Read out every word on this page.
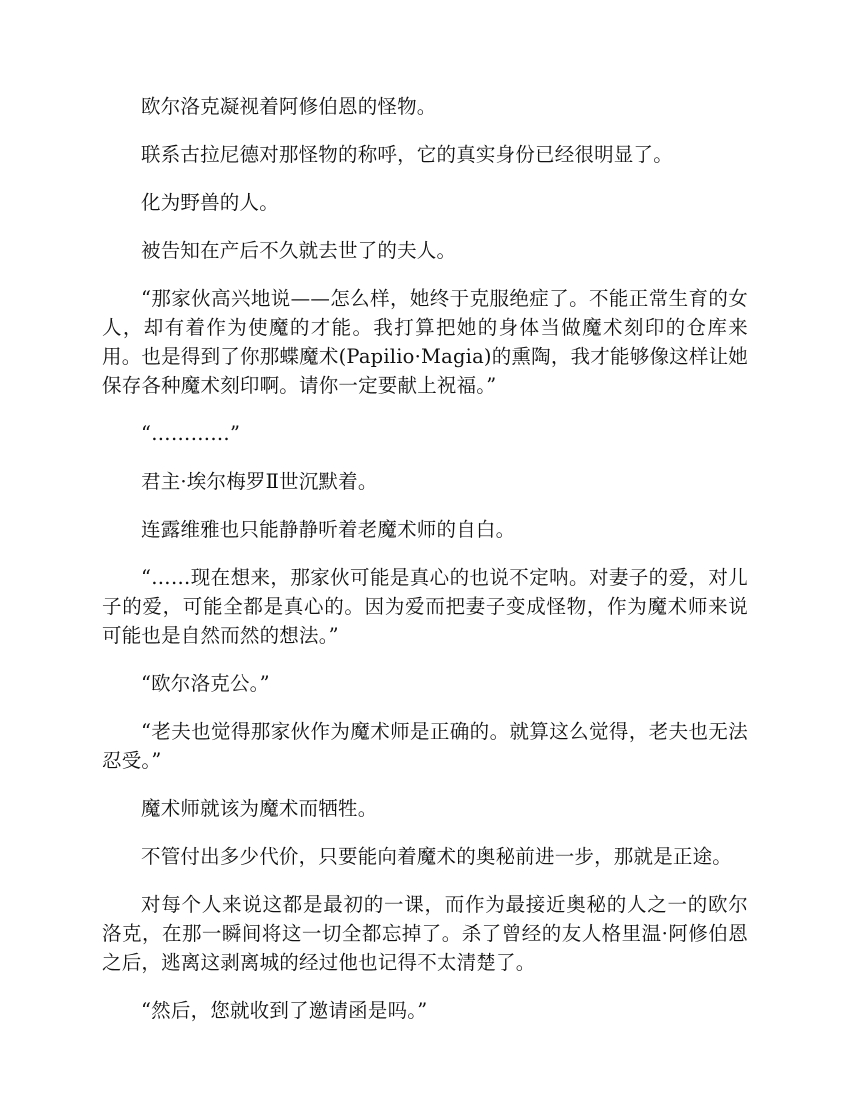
欧尔洛克凝视着阿修伯恩的怪物。

联系古拉尼德对那怪物的称呼，它的真实身份已经很明显了。

化为野兽的人。

被告知在产后不久就去世了的夫人。

“那家伙高兴地说——怎么样，她终于克服绝症了。不能正常生育的女人，却有着作为使魔的才能。我打算把她的身体当做魔术刻印的仓库来用。也是得到了你那蝶魔术(Papilio·Magia)的熏陶，我才能够像这样让她保存各种魔术刻印啊。请你一定要献上祝福。”

“…………”

君主·埃尔梅罗Ⅱ世沉默着。

连露维雅也只能静静听着老魔术师的自白。

“……现在想来，那家伙可能是真心的也说不定呐。对妻子的爱，对儿子的爱，可能全都是真心的。因为爱而把妻子变成怪物，作为魔术师来说可能也是自然而然的想法。”

“欧尔洛克公。”

“老夫也觉得那家伙作为魔术师是正确的。就算这么觉得，老夫也无法忍受。”

魔术师就该为魔术而牺牲。

不管付出多少代价，只要能向着魔术的奥秘前进一步，那就是正途。

对每个人来说这都是最初的一课，而作为最接近奥秘的人之一的欧尔洛克，在那一瞬间将这一切全都忘掉了。杀了曾经的友人格里温·阿修伯恩之后，逃离这剥离城的经过他也记得不太清楚了。

“然后，您就收到了邀请函是吗。”
